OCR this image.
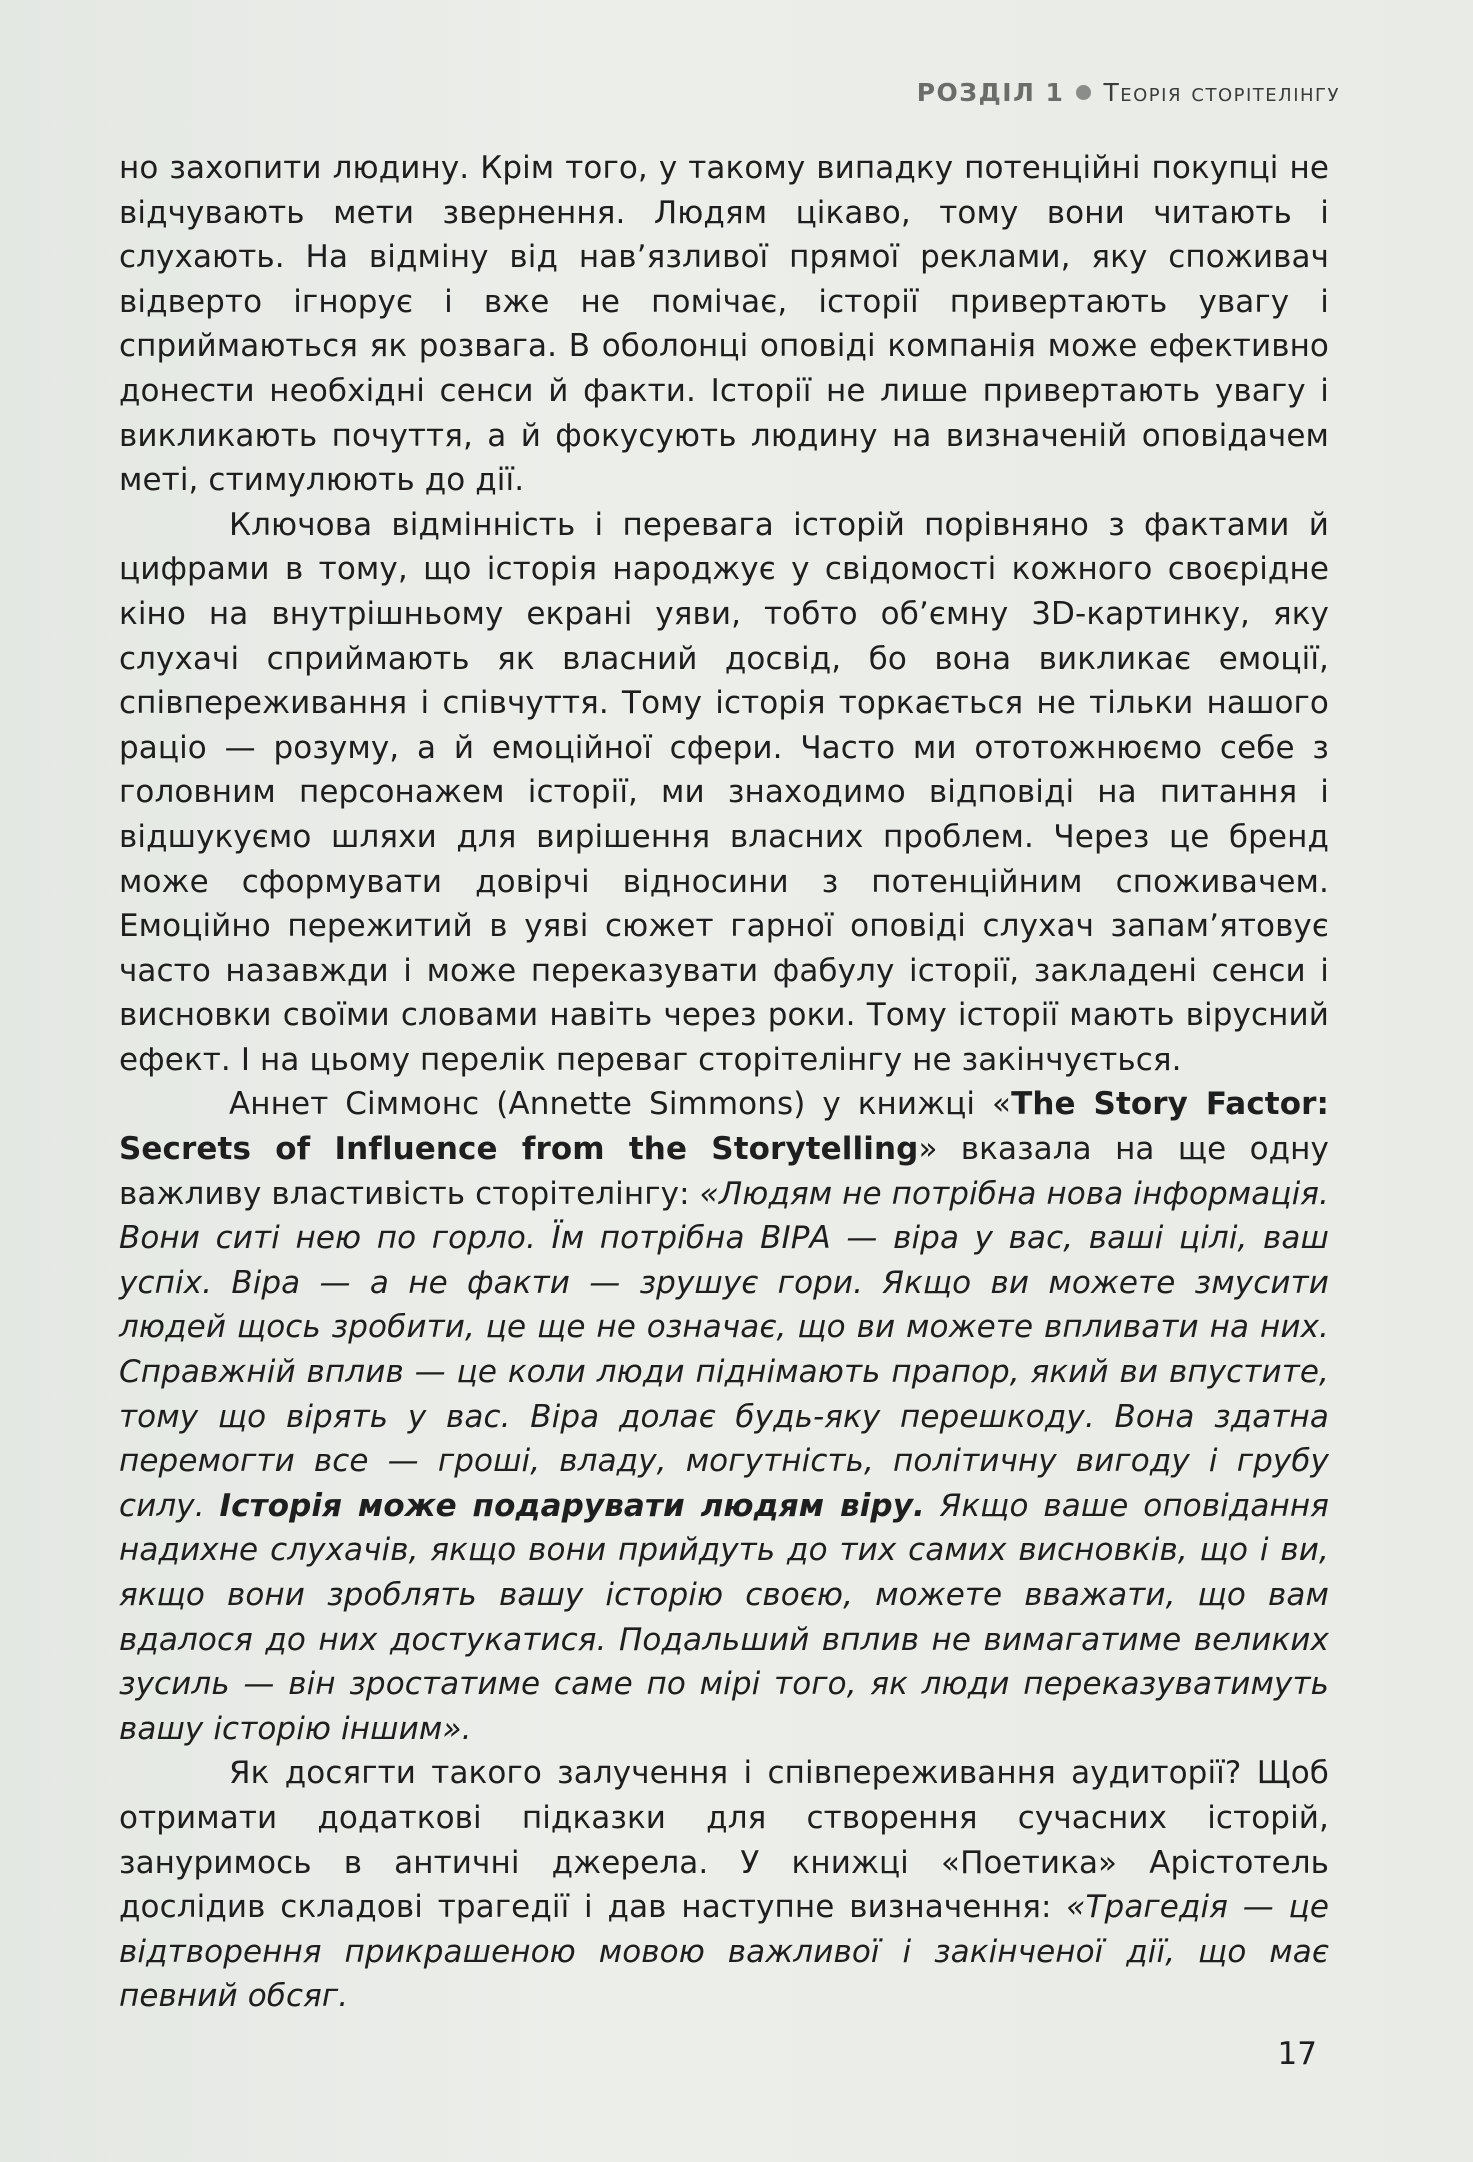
РОЗДІЛ 1 Теорія сторітелінгу

но захопити людину. Крім того, у такому випадку потенційні покупці не відчувають мети звернення. Людям цікаво, тому вони читають і слухають. На відміну від нав’язливої прямої реклами, яку споживач відверто ігнорує і вже не помічає, історії привертають увагу і сприймаються як розвага. В оболонці оповіді компанія може ефективно донести необхідні сенси й факти. Історії не лише привертають увагу і викликають почуття, а й фокусують людину на визначеній оповідачем меті, стимулюють до дії.

Ключова відмінність і перевага історій порівняно з фактами й цифрами в тому, що історія народжує у свідомості кожного своєрідне кіно на внутрішньому екрані уяви, тобто об’ємну 3D-картинку, яку слухачі сприймають як власний досвід, бо вона викликає емоції, співпереживання і співчуття. Тому історія торкається не тільки нашого раціо — розуму, а й емоційної сфери. Часто ми ототожнюємо себе з головним персонажем історії, ми знаходимо відповіді на питання і відшукуємо шляхи для вирішення власних проблем. Через це бренд може сформувати довірчі відносини з потенційним споживачем. Емоційно пережитий в уяві сюжет гарної оповіді слухач запам’ятовує часто назавжди і може переказувати фабулу історії, закладені сенси і висновки своїми словами навіть через роки. Тому історії мають вірусний ефект. І на цьому перелік переваг сторітелінгу не закінчується.

Аннет Сіммонс (Annette Simmons) у книжці «The Story Factor: Secrets of Influence from the Storytelling» вказала на ще одну важливу властивість сторітелінгу: «Людям не потрібна нова інформація. Вони ситі нею по горло. Їм потрібна ВІРА — віра у вас, ваші цілі, ваш успіх. Віра — а не факти — зрушує гори. Якщо ви можете змусити людей щось зробити, це ще не означає, що ви можете впливати на них. Справжній вплив — це коли люди піднімають прапор, який ви впустите, тому що вірять у вас. Віра долає будь-яку перешкоду. Вона здатна перемогти все — гроші, владу, могутність, політичну вигоду і грубу силу. Історія може подарувати людям віру. Якщо ваше оповідання надихне слухачів, якщо вони прийдуть до тих самих висновків, що і ви, якщо вони зроблять вашу історію своєю, можете вважати, що вам вдалося до них достукатися. Подальший вплив не вимагатиме великих зусиль — він зростатиме саме по мірі того, як люди переказуватимуть вашу історію іншим».

Як досягти такого залучення і співпереживання аудиторії? Щоб отримати додаткові підказки для створення сучасних історій, зануримось в античні джерела. У книжці «Поетика» Арістотель дослідив складові трагедії і дав наступне визначення: «Трагедія — це відтворення прикрашеною мовою важливої і закінченої дії, що має певний обсяг.

17
